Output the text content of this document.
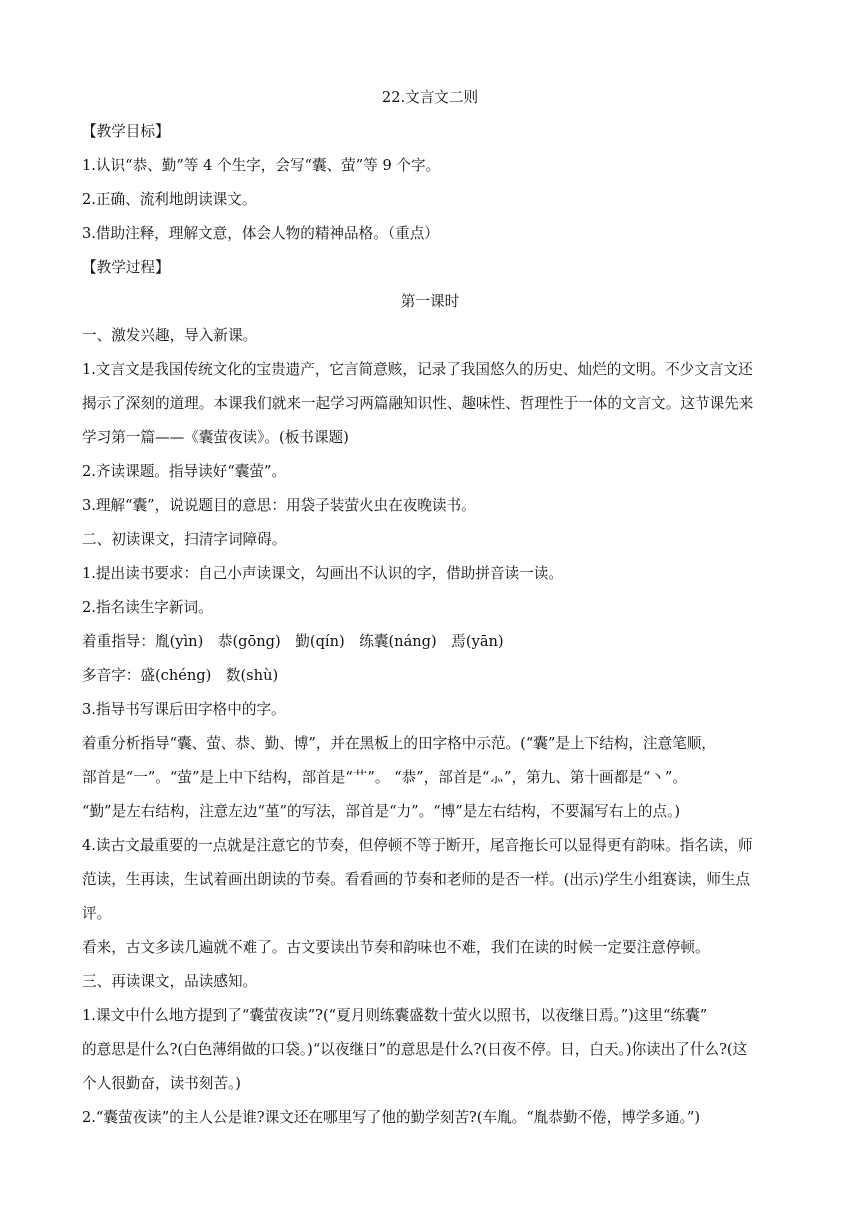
22.文言文二则
【教学目标】
1.认识“恭、勤”等 4 个生字，会写“囊、萤”等 9 个字。
2.正确、流利地朗读课文。
3.借助注释，理解文意，体会人物的精神品格。（重点）
【教学过程】
第一课时
一、激发兴趣，导入新课。
1.文言文是我国传统文化的宝贵遗产，它言简意赅，记录了我国悠久的历史、灿烂的文明。不少文言文还
揭示了深刻的道理。本课我们就来一起学习两篇融知识性、趣味性、哲理性于一体的文言文。这节课先来
学习第一篇——《囊萤夜读》。(板书课题)
2.齐读课题。指导读好“囊萤”。
3.理解“囊”，说说题目的意思：用袋子装萤火虫在夜晚读书。
二、初读课文，扫清字词障碍。
1.提出读书要求：自己小声读课文，勾画出不认识的字，借助拼音读一读。
2.指名读生字新词。
着重指导：胤(yìn)　恭(gōng)　勤(qín)　练囊(náng)　焉(yān)
多音字：盛(chéng)　数(shù)
3.指导书写课后田字格中的字。
着重分析指导“囊、萤、恭、勤、博”，并在黑板上的田字格中示范。(“囊”是上下结构，注意笔顺，
部首是“一”。“萤”是上中下结构，部首是“艹”。 “恭”，部首是“⺗”，第九、第十画都是“丶”。
“勤”是左右结构，注意左边“堇”的写法，部首是“力”。“博”是左右结构，不要漏写右上的点。)
4.读古文最重要的一点就是注意它的节奏，但停顿不等于断开，尾音拖长可以显得更有韵味。指名读，师
范读，生再读，生试着画出朗读的节奏。看看画的节奏和老师的是否一样。(出示)学生小组赛读，师生点
评。
看来，古文多读几遍就不难了。古文要读出节奏和韵味也不难，我们在读的时候一定要注意停顿。
三、再读课文，品读感知。
1.课文中什么地方提到了“囊萤夜读”?(“夏月则练囊盛数十萤火以照书，以夜继日焉。”)这里“练囊”
的意思是什么?(白色薄绢做的口袋。)“以夜继日”的意思是什么?(日夜不停。日，白天。)你读出了什么?(这
个人很勤奋，读书刻苦。)
2.“囊萤夜读”的主人公是谁?课文还在哪里写了他的勤学刻苦?(车胤。“胤恭勤不倦，博学多通。”)
